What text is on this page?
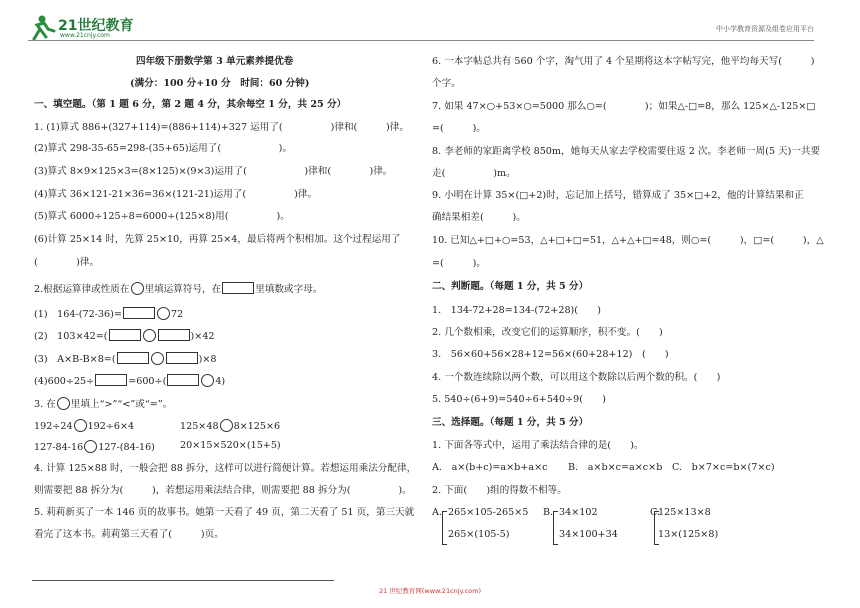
21世纪教育
www.21cnjy.com
中小学教育资源及组卷应用平台
四年级下册数学第 3 单元素养提优卷
(满分：100 分+10 分　时间：60 分钟)
一、填空题。（第 1 题 6 分，第 2 题 4 分，其余每空 1 分，共 25 分）
1. (1)算式 886+(327+114)=(886+114)+327 运用了(　　　　　)律和(　　　)律。
(2)算式 298-35-65=298-(35+65)运用了(　　　　　　)。
(3)算式 8×9×125×3=(8×125)×(9×3)运用了(　　　　　　)律和(　　　　)律。
(4)算式 36×121-21×36=36×(121-21)运用了(　　　　　)律。
(5)算式 6000÷125÷8=6000÷(125×8)用(　　　　　)。
(6)计算 25×14 时，先算 25×10，再算 25×4，最后将两个积相加。这个过程运用了
(　　　　)律。
2.根据运算律或性质在 里填运算符号，在	里填数或字母。
(1)　164-(72-36)=	72
(2)　103×42=(	)×42
(3)　A×B-B×8=(	)×8
(4)600÷25÷	=600÷(	4)
3. 在 里填上“>”“<”或“=”。
192÷24 192÷6×4	125×48 8×125×6
127-84-16 127-(84-16)	20×15×520×(15+5)
4. 计算 125×88 时，一般会把 88 拆分，这样可以进行简便计算。若想运用乘法分配律，
则需要把 88 拆分为(　　　)，若想运用乘法结合律，则需要把 88 拆分为(　　　　　)。
5. 莉莉新买了一本 146 页的故事书。她第一天看了 49 页，第二天看了 51 页，第三天就
看完了这本书。莉莉第三天看了(　　　)页。
6. 一本字帖总共有 560 个字，淘气用了 4 个星期将这本字帖写完，他平均每天写(　　　)
个字。
7. 如果 47×○+53×○=5000 那么○=(　　　　)；如果△-□=8，那么 125×△-125×□
=(　　　)。
8. 李老师的家距离学校 850m，她每天从家去学校需要往返 2 次。李老师一周(5 天)一共要
走(　　　　　)m。
9. 小明在计算 35×(□+2)时，忘记加上括号，错算成了 35×□+2，他的计算结果和正
确结果相差(　　　)。
10. 已知△+□+○=53，△+□+□=51，△+△+□=48，则○=(　　　)，□=(　　　)，△
=(　　　)。
二、判断题。（每题 1 分，共 5 分）
1.　134-72+28=134-(72+28)(　　)
2. 几个数相乘，改变它们的运算顺序，积不变。(　　)
3.　56×60+56×28+12=56×(60+28+12)　(　　)
4. 一个数连续除以两个数，可以用这个数除以后两个数的积。(　　)
5. 540÷(6+9)=540÷6+540÷9(　　)
三、选择题。（每题 1 分，共 5 分）
1. 下面各等式中，运用了乘法结合律的是(　　)。
A.　a×(b+c)=a×b+a×c B.　a×b×c=a×c×b C.　b×7×c=b×(7×c)
2. 下面(　　)组的得数不相等。
A. 265×105-265×5
265×(105-5)
B. 34×102
34×100+34
C.
125×13×8
13×(125×8)
21 世纪教育网(www.21cnjy.com)
